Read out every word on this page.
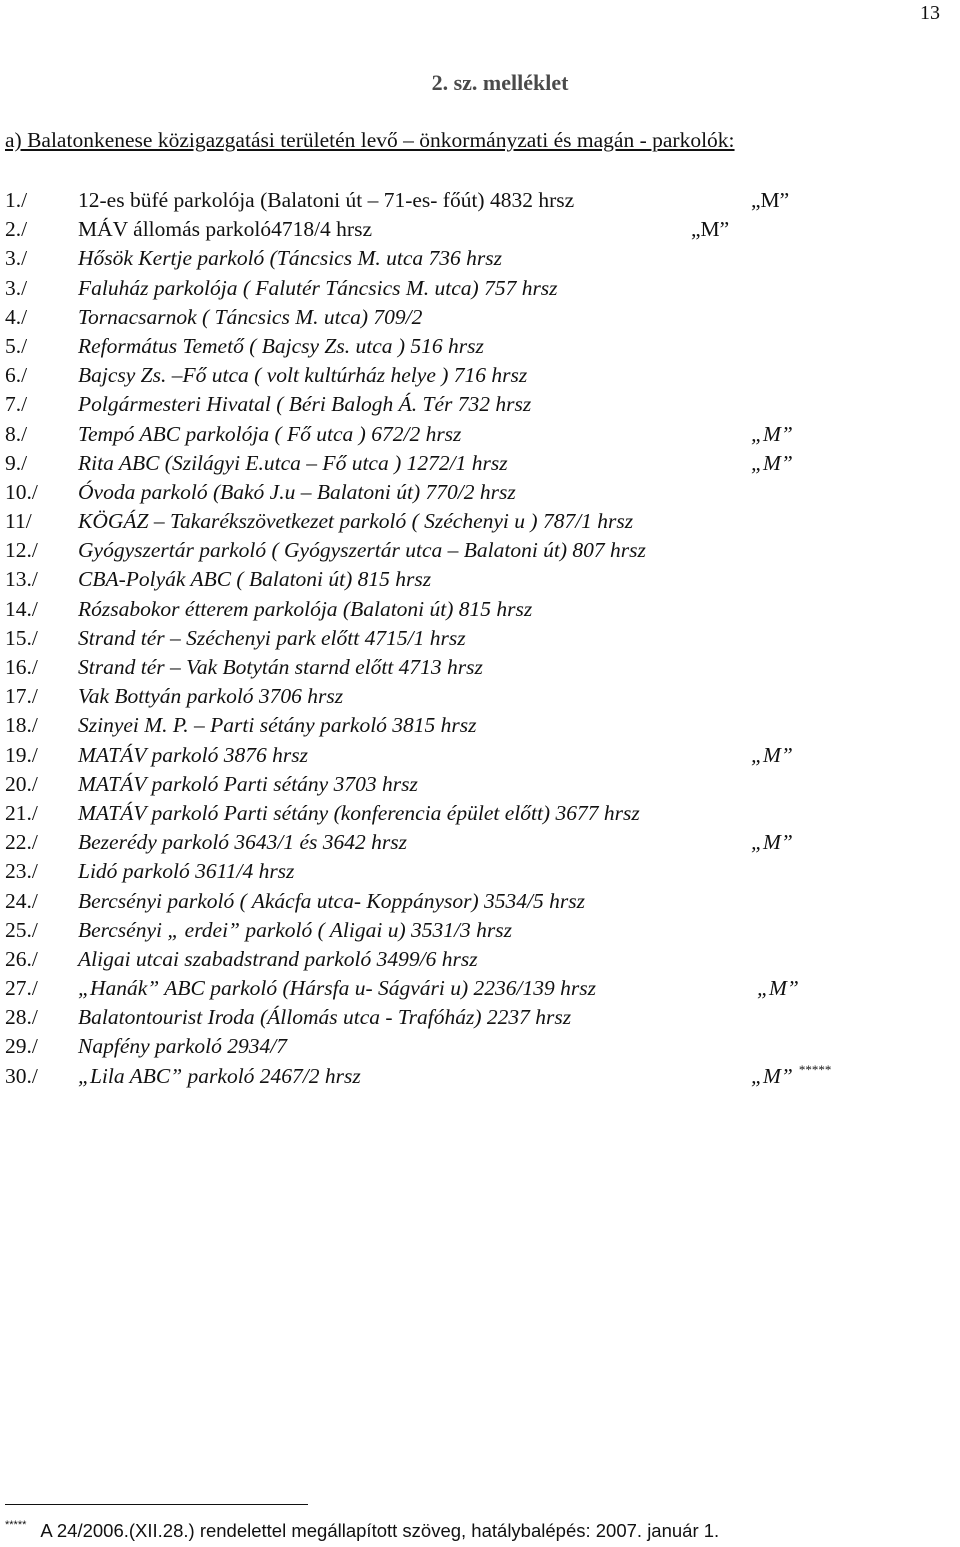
13
2. sz. melléklet
a) Balatonkenese közigazgatási területén levő – önkormányzati és magán - parkolók:
1./ 12-es büfé parkolója (Balatoni út – 71-es- főút) 4832 hrsz	„M”
2./ MÁV állomás parkoló4718/4 hrsz	„M”
3./ Hősök Kertje parkoló (Táncsics M. utca 736 hrsz
3./ Faluház parkolója ( Falutér Táncsics M. utca) 757 hrsz
4./ Tornacsarnok ( Táncsics M. utca) 709/2
5./ Református Temető ( Bajcsy Zs. utca ) 516 hrsz
6./ Bajcsy Zs. –Fő utca ( volt kultúrház helye ) 716 hrsz
7./ Polgármesteri Hivatal ( Béri Balogh Á. Tér 732 hrsz
8./ Tempó ABC parkolója ( Fő utca ) 672/2 hrsz	„M”
9./ Rita ABC (Szilágyi E.utca – Fő utca ) 1272/1 hrsz	„M”
10./ Óvoda parkoló (Bakó J.u – Balatoni út) 770/2 hrsz
11/ KÖGÁZ – Takarékszövetkezet parkoló ( Széchenyi u ) 787/1 hrsz
12./ Gyógyszertár parkoló ( Gyógyszertár utca – Balatoni út) 807 hrsz
13./ CBA-Polyák ABC ( Balatoni út) 815 hrsz
14./ Rózsabokor étterem parkolója (Balatoni út) 815 hrsz
15./ Strand tér – Széchenyi park előtt 4715/1 hrsz
16./ Strand tér – Vak Botytán starnd előtt 4713 hrsz
17./ Vak Bottyán parkoló 3706 hrsz
18./ Szinyei M. P. – Parti sétány parkoló 3815 hrsz
19./ MATÁV parkoló 3876 hrsz	„M”
20./ MATÁV parkoló Parti sétány 3703 hrsz
21./ MATÁV parkoló Parti sétány (konferencia épület előtt) 3677 hrsz
22./ Bezerédy parkoló 3643/1 és 3642 hrsz	„M”
23./ Lidó parkoló 3611/4 hrsz
24./ Bercsényi parkoló ( Akácfa utca- Koppánysor) 3534/5 hrsz
25./ Bercsényi „ erdei” parkoló ( Aligai u) 3531/3 hrsz
26./ Aligai utcai szabadstrand parkoló 3499/6 hrsz
27./ „Hanák” ABC parkoló (Hársfa u- Ságvári u) 2236/139 hrsz	„M”
28./ Balatontourist Iroda (Állomás utca - Trafóház) 2237 hrsz
29./ Napfény parkoló 2934/7
30./ „Lila ABC” parkoló 2467/2 hrsz	„M” *****
***** A 24/2006.(XII.28.) rendelettel megállapított szöveg, hatálybalépés: 2007. január 1.
